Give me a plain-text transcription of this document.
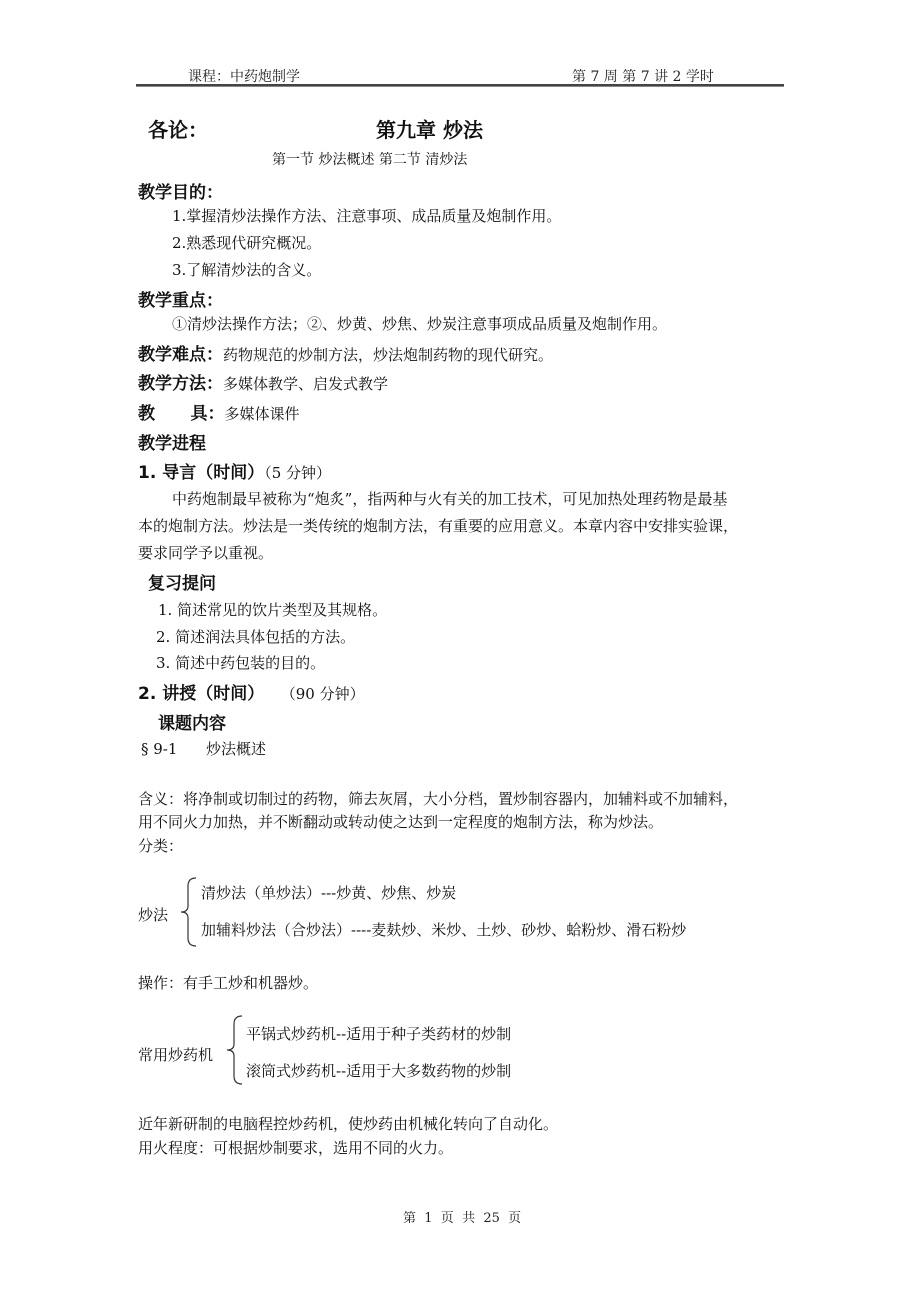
课程：中药炮制学	第 7 周 第 7 讲 2 学时
各论：	第九章 炒法
第一节 炒法概述 第二节 清炒法
教学目的：
1.掌握清炒法操作方法、注意事项、成品质量及炮制作用。
2.熟悉现代研究概况。
3.了解清炒法的含义。
教学重点：
①清炒法操作方法；②、炒黄、炒焦、炒炭注意事项成品质量及炮制作用。
教学难点：药物规范的炒制方法，炒法炮制药物的现代研究。
教学方法：多媒体教学、启发式教学
教      具：多媒体课件
教学进程
1. 导言（时间）（5 分钟）
中药炮制最早被称为“炮炙”，指两种与火有关的加工技术，可见加热处理药物是最基
本的炮制方法。炒法是一类传统的炮制方法，有重要的应用意义。本章内容中安排实验课，
要求同学予以重视。
复习提问
1. 简述常见的饮片类型及其规格。
2. 简述润法具体包括的方法。
3. 简述中药包装的目的。
2. 讲授（时间） （90 分钟）
课题内容
§ 9-1      炒法概述
含义：将净制或切制过的药物，筛去灰屑，大小分档，置炒制容器内，加辅料或不加辅料，
用不同火力加热，并不断翻动或转动使之达到一定程度的炮制方法，称为炒法。
分类：
炒法
清炒法（单炒法）---炒黄、炒焦、炒炭
加辅料炒法（合炒法）----麦麸炒、米炒、土炒、砂炒、蛤粉炒、滑石粉炒
操作：有手工炒和机器炒。
常用炒药机
平锅式炒药机--适用于种子类药材的炒制
滚筒式炒药机--适用于大多数药物的炒制
近年新研制的电脑程控炒药机，使炒药由机械化转向了自动化。
用火程度：可根据炒制要求，选用不同的火力。
第  1  页  共  25  页
